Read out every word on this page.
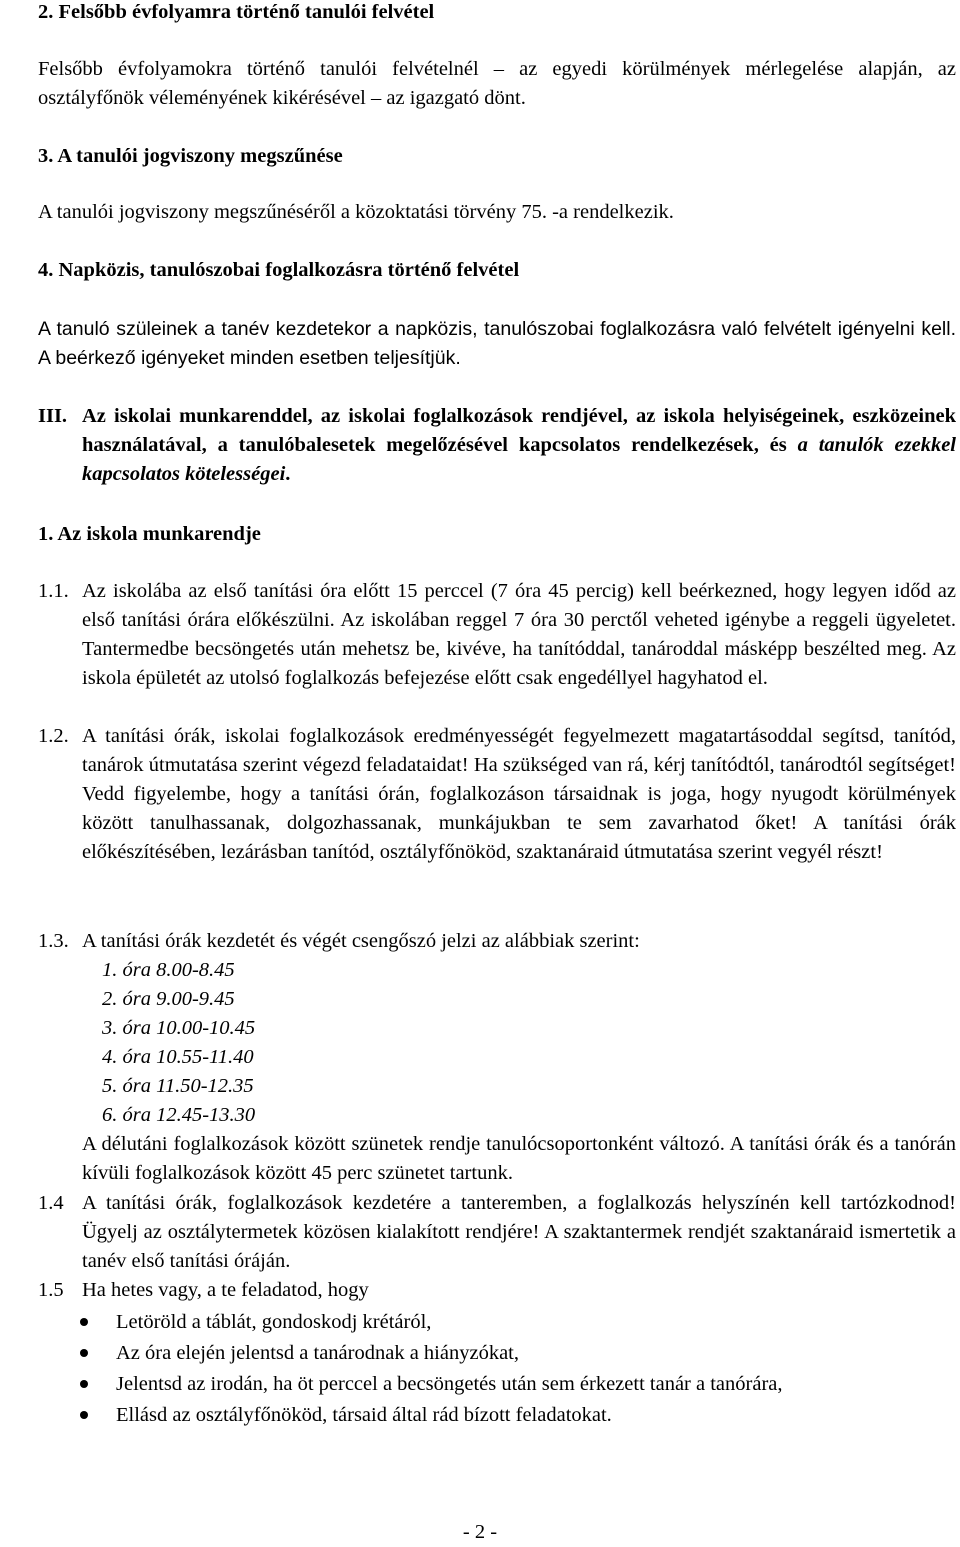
2. Felsőbb évfolyamra történő tanulói felvétel

Felsőbb évfolyamokra történő tanulói felvételnél – az egyedi körülmények mérlegelése alapján, az osztályfőnök véleményének kikérésével – az igazgató dönt.

3. A tanulói jogviszony megszűnése

A tanulói jogviszony megszűnéséről a közoktatási törvény 75. -a rendelkezik.

4. Napközis, tanulószobai foglalkozásra történő felvétel

A tanuló szüleinek a tanév kezdetekor a napközis, tanulószobai foglalkozásra való felvételt igényelni kell. A beérkező igényeket minden esetben teljesítjük.

III. Az iskolai munkarenddel, az iskolai foglalkozások rendjével, az iskola helyiségeinek, eszközeinek használatával, a tanulóbalesetek megelőzésével kapcsolatos rendelkezések, és a tanulók ezekkel kapcsolatos kötelességei.

1. Az iskola munkarendje

1.1. Az iskolába az első tanítási óra előtt 15 perccel (7 óra 45 percig) kell beérkezned, hogy legyen időd az első tanítási órára előkészülni. Az iskolában reggel 7 óra 30 perctől veheted igénybe a reggeli ügyeletet. Tantermedbe becsöngetés után mehetsz be, kivéve, ha tanítóddal, tanároddal másképp beszélted meg. Az iskola épületét az utolsó foglalkozás befejezése előtt csak engedéllyel hagyhatod el.

1.2. A tanítási órák, iskolai foglalkozások eredményességét fegyelmezett magatartásoddal segítsd, tanítód, tanárok útmutatása szerint végezd feladataidat! Ha szükséged van rá, kérj tanítódtól, tanárodtól segítséget! Vedd figyelembe, hogy a tanítási órán, foglalkozáson társaidnak is joga, hogy nyugodt körülmények között tanulhassanak, dolgozhassanak, munkájukban te sem zavarhatod őket! A tanítási órák előkészítésében, lezárásban tanítód, osztályfőnököd, szaktanáraid útmutatása szerint vegyél részt!

1.3. A tanítási órák kezdetét és végét csengőszó jelzi az alábbiak szerint:

1. óra 8.00-8.45

2. óra 9.00-9.45

3. óra 10.00-10.45

4. óra 10.55-11.40

5. óra 11.50-12.35

6. óra 12.45-13.30

A délutáni foglalkozások között szünetek rendje tanulócsoportonként változó. A tanítási órák és a tanórán kívüli foglalkozások között 45 perc szünetet tartunk.

1.4 A tanítási órák, foglalkozások kezdetére a tanteremben, a foglalkozás helyszínén kell tartózkodnod! Ügyelj az osztálytermetek közösen kialakított rendjére! A szaktantermek rendjét szaktanáraid ismertetik a tanév első tanítási óráján.

1.5 Ha hetes vagy, a te feladatod, hogy

Letöröld a táblát, gondoskodj krétáról,
Az óra elején jelentsd a tanárodnak a hiányzókat,
Jelentsd az irodán, ha öt perccel a becsöngetés után sem érkezett tanár a tanórára,
Ellásd az osztályfőnököd, társaid által rád bízott feladatokat.
- 2 -
